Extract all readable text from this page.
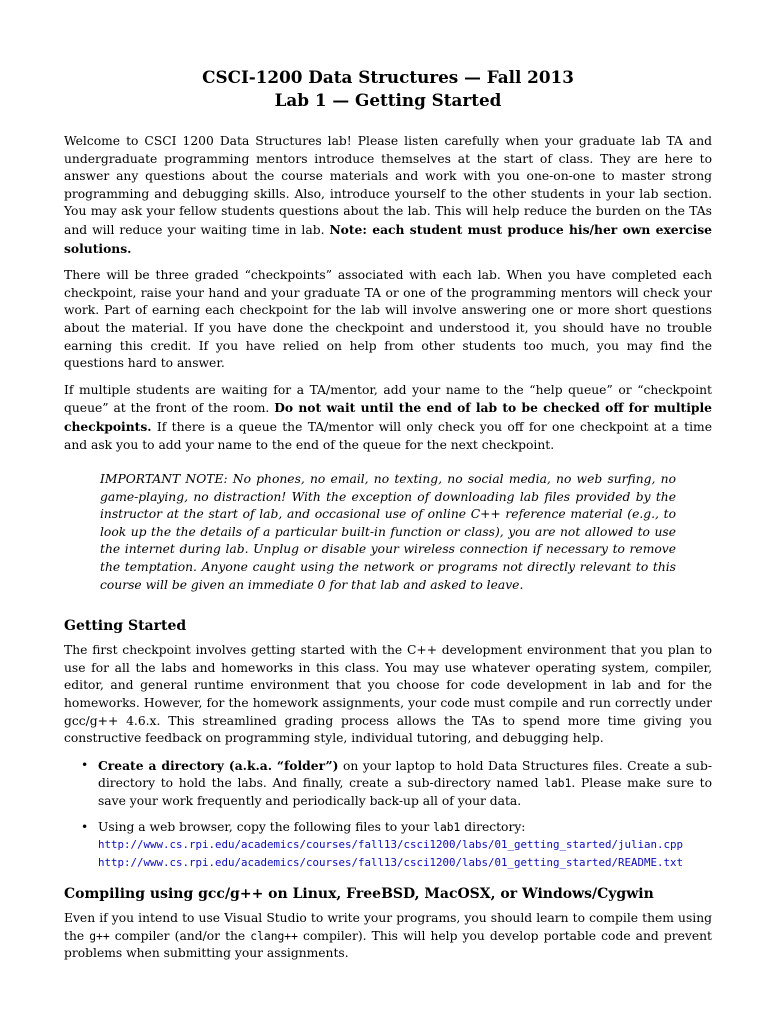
CSCI-1200 Data Structures — Fall 2013
Lab 1 — Getting Started

Welcome to CSCI 1200 Data Structures lab! Please listen carefully when your graduate lab TA and undergraduate programming mentors introduce themselves at the start of class. They are here to answer any questions about the course materials and work with you one-on-one to master strong programming and debugging skills. Also, introduce yourself to the other students in your lab section. You may ask your fellow students questions about the lab. This will help reduce the burden on the TAs and will reduce your waiting time in lab. Note: each student must produce his/her own exercise solutions.

There will be three graded “checkpoints” associated with each lab. When you have completed each checkpoint, raise your hand and your graduate TA or one of the programming mentors will check your work. Part of earning each checkpoint for the lab will involve answering one or more short questions about the material. If you have done the checkpoint and understood it, you should have no trouble earning this credit. If you have relied on help from other students too much, you may find the questions hard to answer.

If multiple students are waiting for a TA/mentor, add your name to the “help queue” or “checkpoint queue” at the front of the room. Do not wait until the end of lab to be checked off for multiple checkpoints. If there is a queue the TA/mentor will only check you off for one checkpoint at a time and ask you to add your name to the end of the queue for the next checkpoint.

IMPORTANT NOTE: No phones, no email, no texting, no social media, no web surfing, no game-playing, no distraction! With the exception of downloading lab files provided by the instructor at the start of lab, and occasional use of online C++ reference material (e.g., to look up the the details of a particular built-in function or class), you are not allowed to use the internet during lab. Unplug or disable your wireless connection if necessary to remove the temptation. Anyone caught using the network or programs not directly relevant to this course will be given an immediate 0 for that lab and asked to leave.
Getting Started

The first checkpoint involves getting started with the C++ development environment that you plan to use for all the labs and homeworks in this class. You may use whatever operating system, compiler, editor, and general runtime environment that you choose for code development in lab and for the homeworks. However, for the homework assignments, your code must compile and run correctly under gcc/g++ 4.6.x. This streamlined grading process allows the TAs to spend more time giving you constructive feedback on programming style, individual tutoring, and debugging help.

• Create a directory (a.k.a. “folder”) on your laptop to hold Data Structures files. Create a sub-directory to hold the labs. And finally, create a sub-directory named lab1. Please make sure to save your work frequently and periodically back-up all of your data.
• Using a web browser, copy the following files to your lab1 directory:
http://www.cs.rpi.edu/academics/courses/fall13/csci1200/labs/01_getting_started/julian.cpp
http://www.cs.rpi.edu/academics/courses/fall13/csci1200/labs/01_getting_started/README.txt
Compiling using gcc/g++ on Linux, FreeBSD, MacOSX, or Windows/Cygwin

Even if you intend to use Visual Studio to write your programs, you should learn to compile them using the g++ compiler (and/or the clang++ compiler). This will help you develop portable code and prevent problems when submitting your assignments.
